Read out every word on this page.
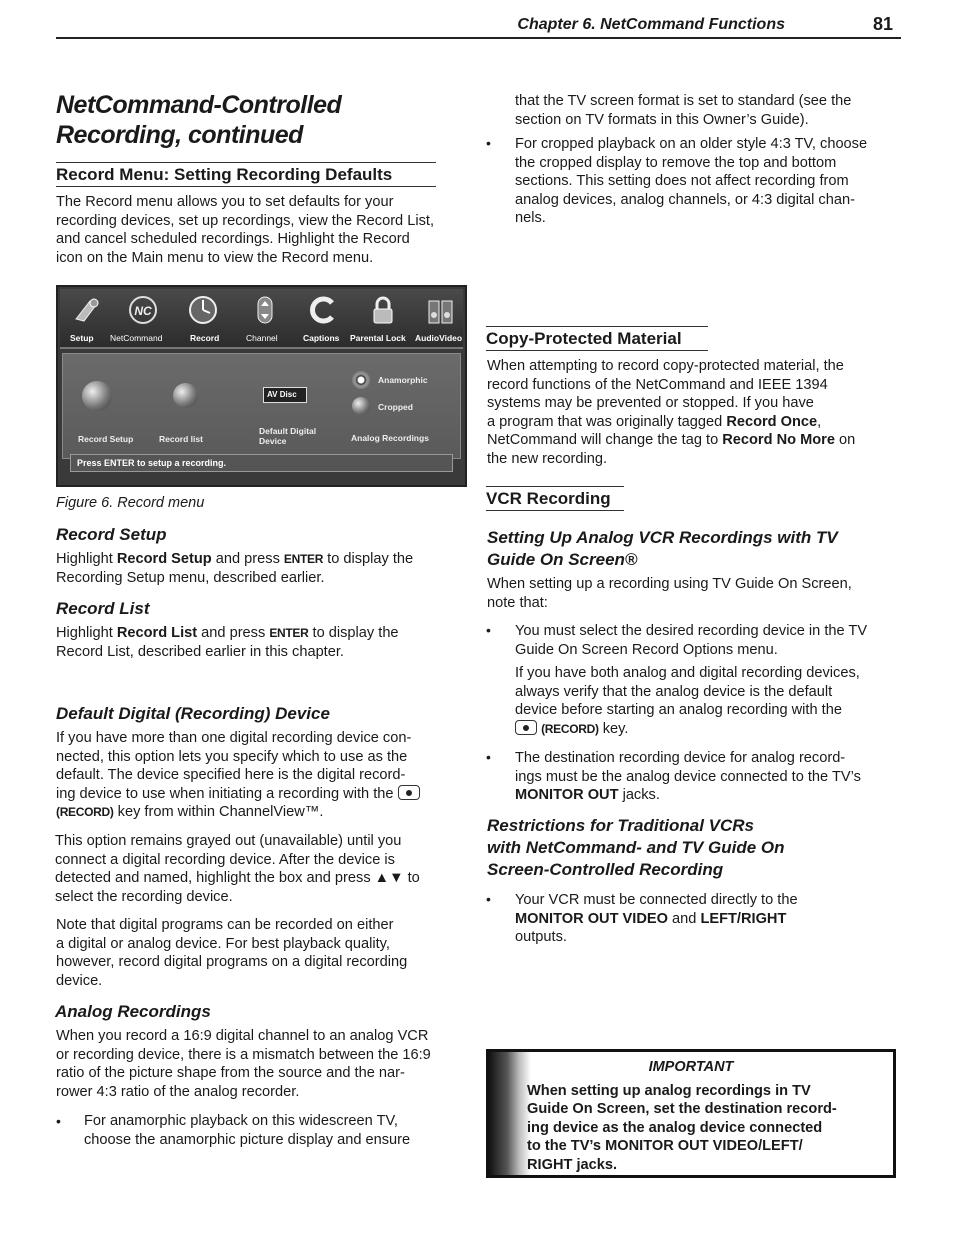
Chapter 6. NetCommand Functions	81
NetCommand-Controlled
Recording, continued
Record Menu: Setting Recording Defaults
The Record menu allows you to set defaults for your
recording devices, set up recordings, view the Record List,
and cancel scheduled recordings. Highlight the Record
icon on the Main menu to view the Record menu.
NC
Setup NetCommand	Record	Channel	Captions Parental Lock AudioVideo
AV Disc
Anamorphic
Cropped
Record Setup	Record list
Default Digital
Device	Analog Recordings
Press ENTER to setup a recording.
Figure 6. Record menu
Record Setup
Highlight Record Setup and press ENTER to display the
Recording Setup menu, described earlier.
Record List
Highlight Record List and press ENTER to display the
Record List, described earlier in this chapter.
Default Digital (Recording) Device
If you have more than one digital recording device con-
nected, this option lets you specify which to use as the
default. The device specified here is the digital record-
ing device to use when initiating a recording with the
(RECORD) key from within ChannelView™.
This option remains grayed out (unavailable) until you
connect a digital recording device. After the device is
detected and named, highlight the box and press ▲▼ to
select the recording device.
Note that digital programs can be recorded on either
a digital or analog device. For best playback quality,
however, record digital programs on a digital recording
device.
Analog Recordings
When you record a 16:9 digital channel to an analog VCR
or recording device, there is a mismatch between the 16:9
ratio of the picture shape from the source and the nar-
rower 4:3 ratio of the analog recorder.
• For anamorphic playback on this widescreen TV,
choose the anamorphic picture display and ensure
that the TV screen format is set to standard (see the
section on TV formats in this Owner’s Guide).
• For cropped playback on an older style 4:3 TV, choose
the cropped display to remove the top and bottom
sections. This setting does not affect recording from
analog devices, analog channels, or 4:3 digital chan-
nels.
Copy-Protected Material
When attempting to record copy-protected material, the
record functions of the NetCommand and IEEE 1394
systems may be prevented or stopped. If you have
a program that was originally tagged Record Once,
NetCommand will change the tag to Record No More on
the new recording.
VCR Recording
Setting Up Analog VCR Recordings with TV
Guide On Screen®
When setting up a recording using TV Guide On Screen,
note that:
• You must select the desired recording device in the TV
Guide On Screen Record Options menu.
If you have both analog and digital recording devices,
always verify that the analog device is the default
device before starting an analog recording with the
(RECORD) key.
• The destination recording device for analog record-
ings must be the analog device connected to the TV’s
MONITOR OUT jacks.
Restrictions for Traditional VCRs
with NetCommand- and TV Guide On
Screen-Controlled Recording
• Your VCR must be connected directly to the
MONITOR OUT VIDEO and LEFT/RIGHT
outputs.
IMPORTANT
When setting up analog recordings in TV
Guide On Screen, set the destination record-
ing device as the analog device connected
to the TV’s MONITOR OUT VIDEO/LEFT/
RIGHT jacks.
